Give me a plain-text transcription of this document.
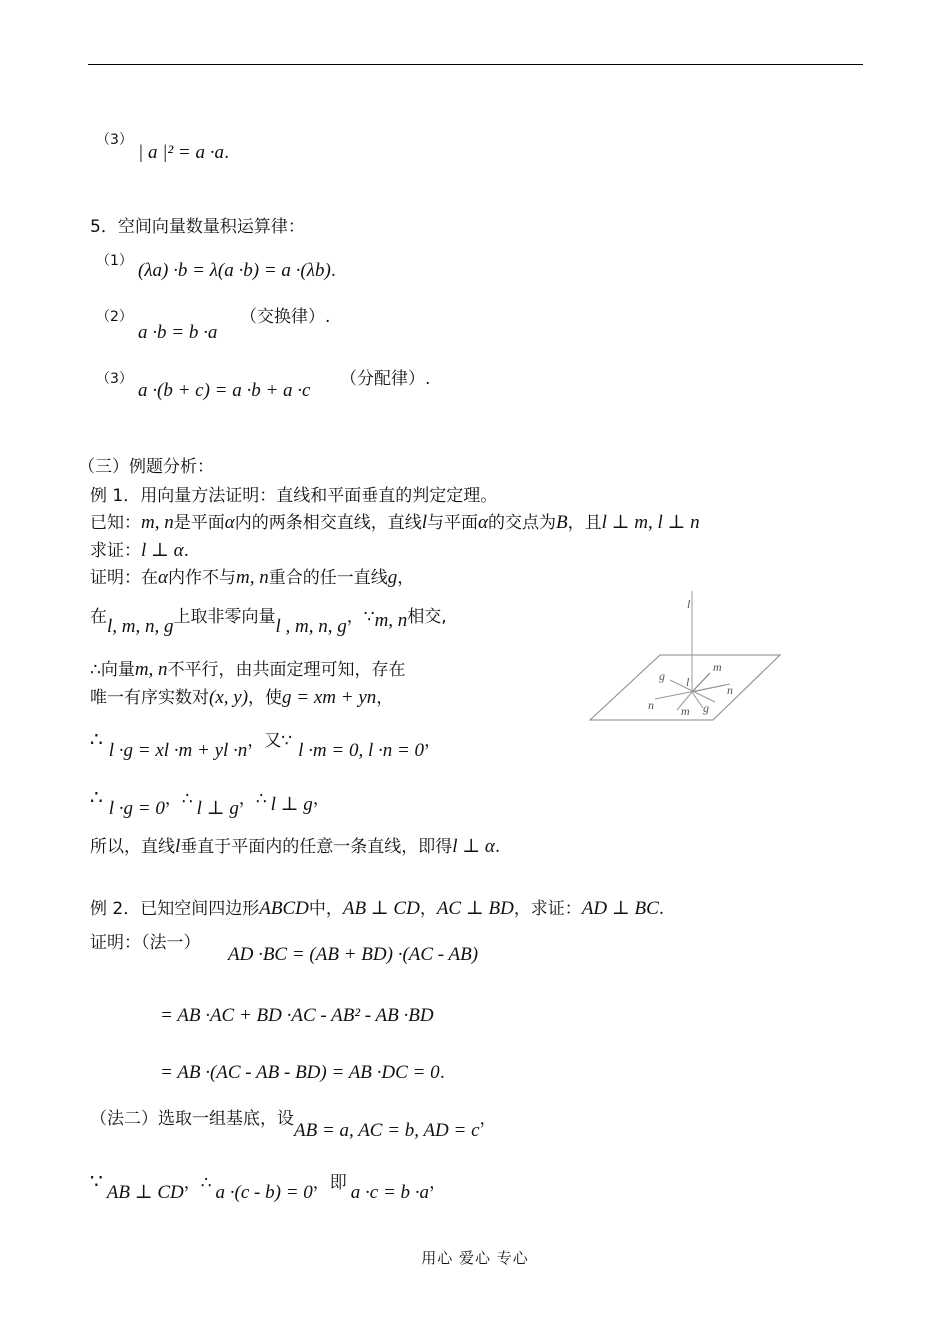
（3）
| a |² = a ·a.
5．空间向量数量积运算律：
（1） (λa) ·b = λ(a ·b) = a ·(λb).
（2）
a ·b = b ·a
（交换律）.
（3）
a ·(b + c) = a ·b + a ·c
（分配律）.
（三）例题分析：
例 1．用向量方法证明：直线和平面垂直的判定定理。
已知：m, n是平面α内的两条相交直线，直线l与平面α的交点为B，且l ⊥ m, l ⊥ n
求证：l ⊥ α.
证明：在α内作不与m, n重合的任一直线g，
在l, m, n, g上取非零向量l , m, n, g，∵m, n相交,
∴向量m, n不平行，由共面定理可知，存在
唯一有序实数对(x, y)，使g = xm + yn，
∴ l ·g = xl ·m + yl ·n，又∵ l ·m = 0, l ·n = 0，
∴ l ·g = 0，∴ l ⊥ g，∴ l ⊥ g，
所以，直线l垂直于平面内的任意一条直线，即得l ⊥ α.
例 2．已知空间四边形ABCD中，AB ⊥ CD，AC ⊥ BD，求证：AD ⊥ BC.
证明：（法一）
AD ·BC = (AB + BD) ·(AC - AB)
= AB ·AC + BD ·AC - AB² - AB ·BD
= AB ·(AC - AB - BD) = AB ·DC = 0.
（法二）选取一组基底，设AB = a, AC = b, AD = c，
∵ AB ⊥ CD，∴ a ·(c - b) = 0，即 a ·c = b ·a，
l
m
g l
n
n m g
用心 爱心 专心
